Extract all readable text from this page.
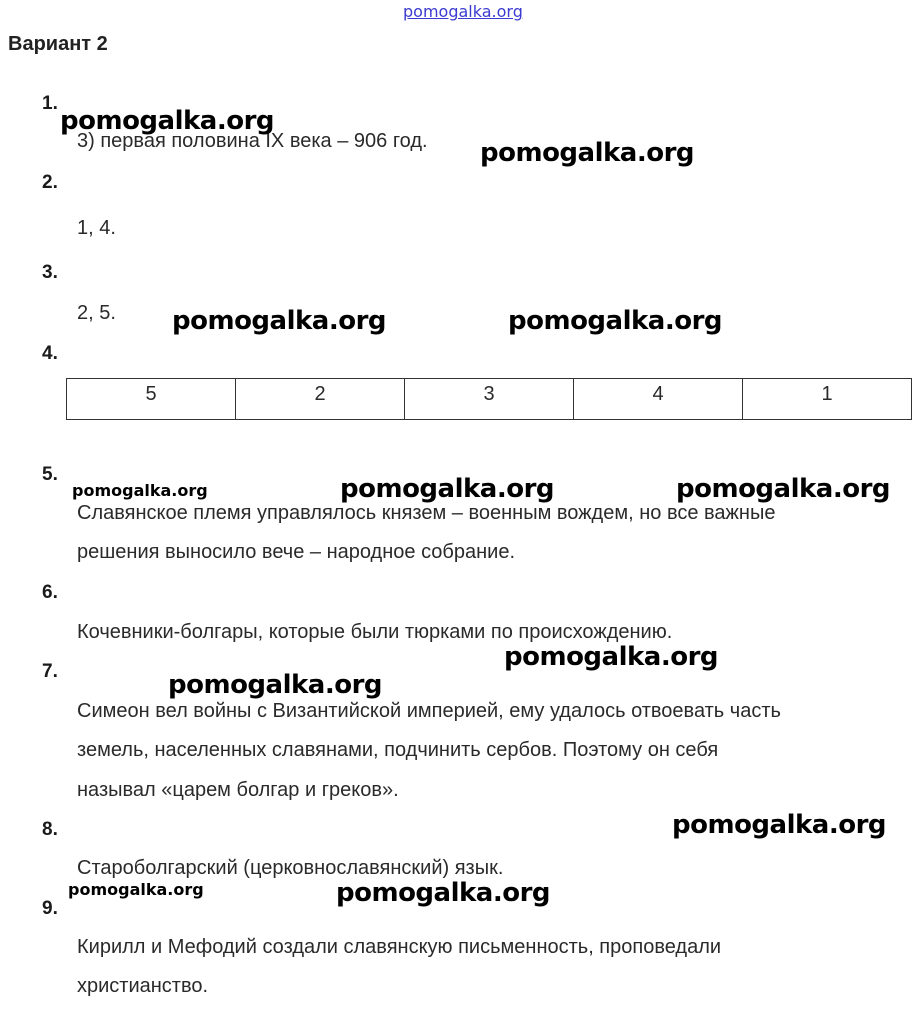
pomogalka.org
Вариант 2
1.
3) первая половина IX века – 906 год.
2.
1, 4.
3.
2, 5.
4.
5	2	3	4	1
5.
Славянское племя управлялось князем – военным вождем, но все важные
решения выносило вече – народное собрание.
6.
Кочевники-болгары, которые были тюрками по происхождению.
7.
Симеон вел войны с Византийской империей, ему удалось отвоевать часть
земель, населенных славянами, подчинить сербов. Поэтому он себя
называл «царем болгар и греков».
8.
Староболгарский (церковнославянский) язык.
9.
Кирилл и Мефодий создали славянскую письменность, проповедали
христианство.
pomogalka.org
pomogalka.org
pomogalka.org	pomogalka.org
pomogalka.org	pomogalka.org	pomogalka.org
pomogalka.org
pomogalka.org
pomogalka.org
pomogalka.org	pomogalka.org
